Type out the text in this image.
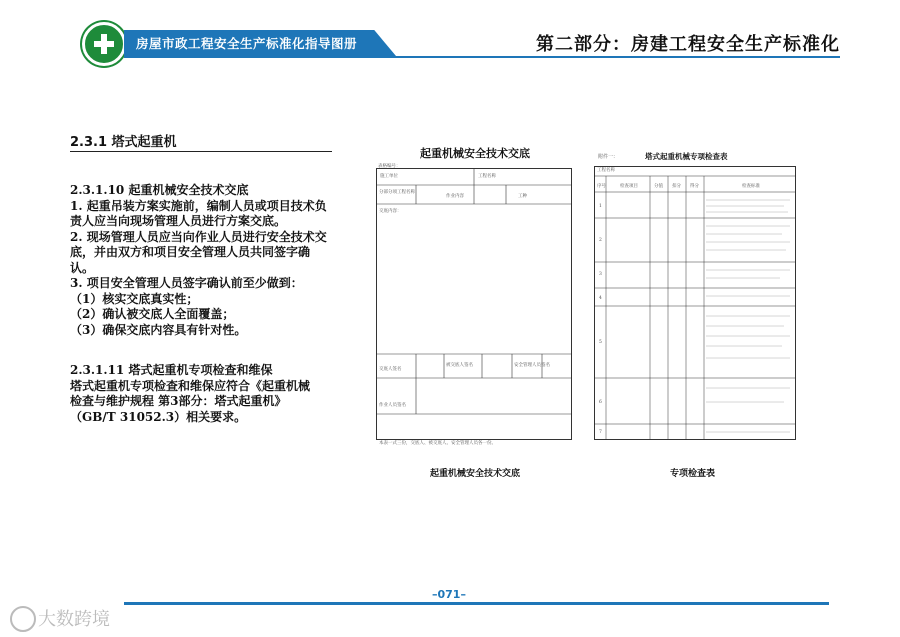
房屋市政工程安全生产标准化指导图册	第二部分：房建工程安全生产标准化
2.3.1 塔式起重机
2.3.1.10 起重机械安全技术交底
1. 起重吊装方案实施前，编制人员或项目技术负
责人应当向现场管理人员进行方案交底。
2. 现场管理人员应当向作业人员进行安全技术交
底，并由双方和项目安全管理人员共同签字确
认。
3. 项目安全管理人员签字确认前至少做到：
（1）核实交底真实性；
（2）确认被交底人全面覆盖；
（3）确保交底内容具有针对性。
2.3.1.11 塔式起重机专项检查和维保
塔式起重机专项检查和维保应符合《起重机械
检查与维护规程 第3部分：塔式起重机》
（GB/T 31052.3）相关要求。
起重机械安全技术交底
表格编号：
施工单位	工程名称
分部分项工程名称
作业内容	工种
交底内容：
交底人签名
被交底人签名	安全管理人员签名
作业人员签名
本表一式三份，交底人、被交底人、安全管理人员各一份。
起重机械安全技术交底
附件一：	塔式起重机械专项检查表
工程名称
序号	检查项目	分值 扣分 得分	检查标准
1
2
3
4
5
6
7
专项检查表
–071–
大数跨境
